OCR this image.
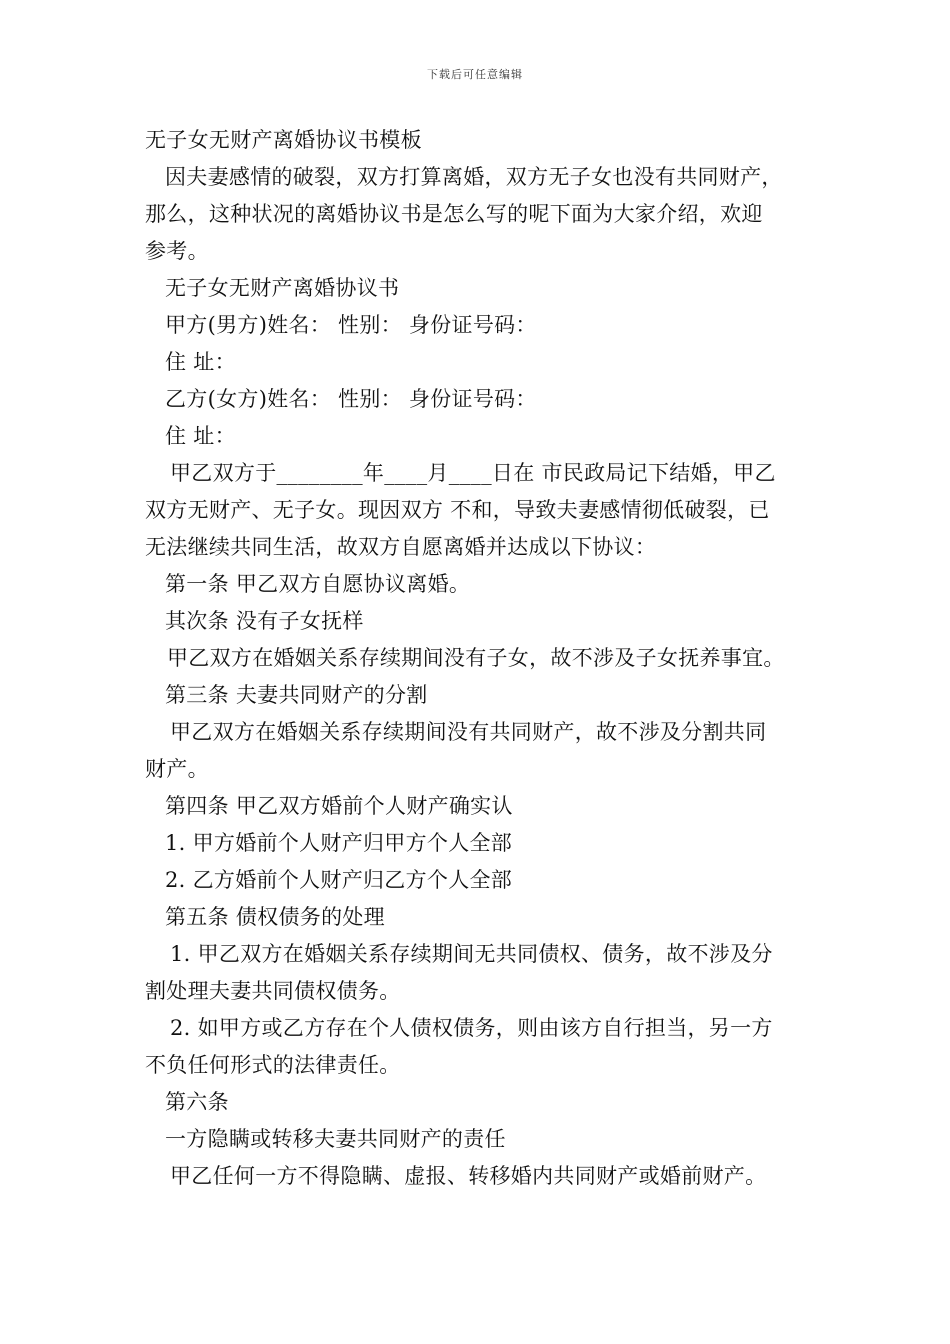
下载后可任意编辑
无子女无财产离婚协议书模板
因夫妻感情的破裂，双方打算离婚，双方无子女也没有共同财产，
那么，这种状况的离婚协议书是怎么写的呢下面为大家介绍，欢迎
参考。
无子女无财产离婚协议书
甲方(男方)姓名： 性别： 身份证号码：
住 址：
乙方(女方)姓名： 性别： 身份证号码：
住 址：
甲乙双方于________年____月____日在 市民政局记下结婚，甲乙
双方无财产、无子女。现因双方 不和，导致夫妻感情彻低破裂，已
无法继续共同生活，故双方自愿离婚并达成以下协议：
第一条 甲乙双方自愿协议离婚。
其次条 没有子女抚样
甲乙双方在婚姻关系存续期间没有子女，故不涉及子女抚养事宜。
第三条 夫妻共同财产的分割
甲乙双方在婚姻关系存续期间没有共同财产，故不涉及分割共同
财产。
第四条 甲乙双方婚前个人财产确实认
1. 甲方婚前个人财产归甲方个人全部
2. 乙方婚前个人财产归乙方个人全部
第五条 债权债务的处理
1. 甲乙双方在婚姻关系存续期间无共同债权、债务，故不涉及分
割处理夫妻共同债权债务。
2. 如甲方或乙方存在个人债权债务，则由该方自行担当，另一方
不负任何形式的法律责任。
第六条
一方隐瞒或转移夫妻共同财产的责任
甲乙任何一方不得隐瞒、虚报、转移婚内共同财产或婚前财产。
